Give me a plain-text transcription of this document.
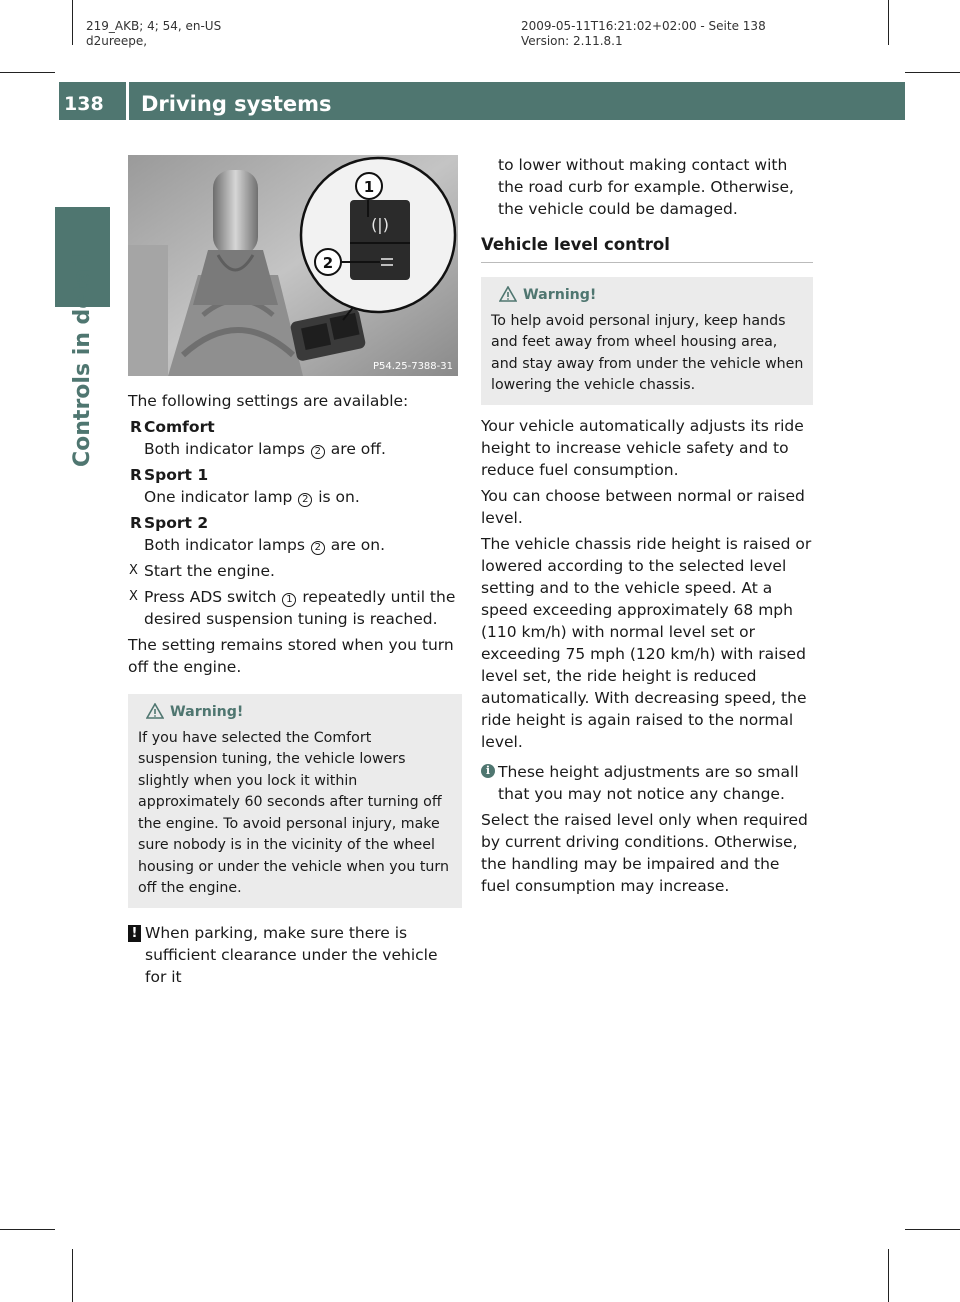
219_AKB; 4; 54, en-US
d2ureepe,
2009-05-11T16:21:02+02:00 - Seite 138
Version: 2.11.8.1
138	Driving systems
Controls in detail
(|)
1
2
P54.25-7388-31

The following settings are available:

R Comfort
Both indicator lamps 2 are off.
R Sport 1
One indicator lamp 2 is on.
R Sport 2
Both indicator lamps 2 are on.
X Start the engine.
X Press ADS switch 1 repeatedly until the desired suspension tuning is reached.

The setting remains stored when you turn off the engine.

Warning!
If you have selected the Comfort suspension tuning, the vehicle lowers slightly when you lock it within approximately 60 seconds after turning off the engine. To avoid personal injury, make sure nobody is in the vicinity of the wheel housing or under the vehicle when you turn off the engine.
! When parking, make sure there is sufficient clearance under the vehicle for it

to lower without making contact with the road curb for example. Otherwise, the vehicle could be damaged.

Vehicle level control
Warning!
To help avoid personal injury, keep hands and feet away from wheel housing area, and stay away from under the vehicle when lowering the vehicle chassis.

Your vehicle automatically adjusts its ride height to increase vehicle safety and to reduce fuel consumption.

You can choose between normal or raised level.

The vehicle chassis ride height is raised or lowered according to the selected level setting and to the vehicle speed. At a speed exceeding approximately 68 mph (110 km/h) with normal level set or exceeding 75 mph (120 km/h) with raised level set, the ride height is reduced automatically. With decreasing speed, the ride height is again raised to the normal level.

i These height adjustments are so small that you may not notice any change.

Select the raised level only when required by current driving conditions. Otherwise, the handling may be impaired and the fuel consumption may increase.
